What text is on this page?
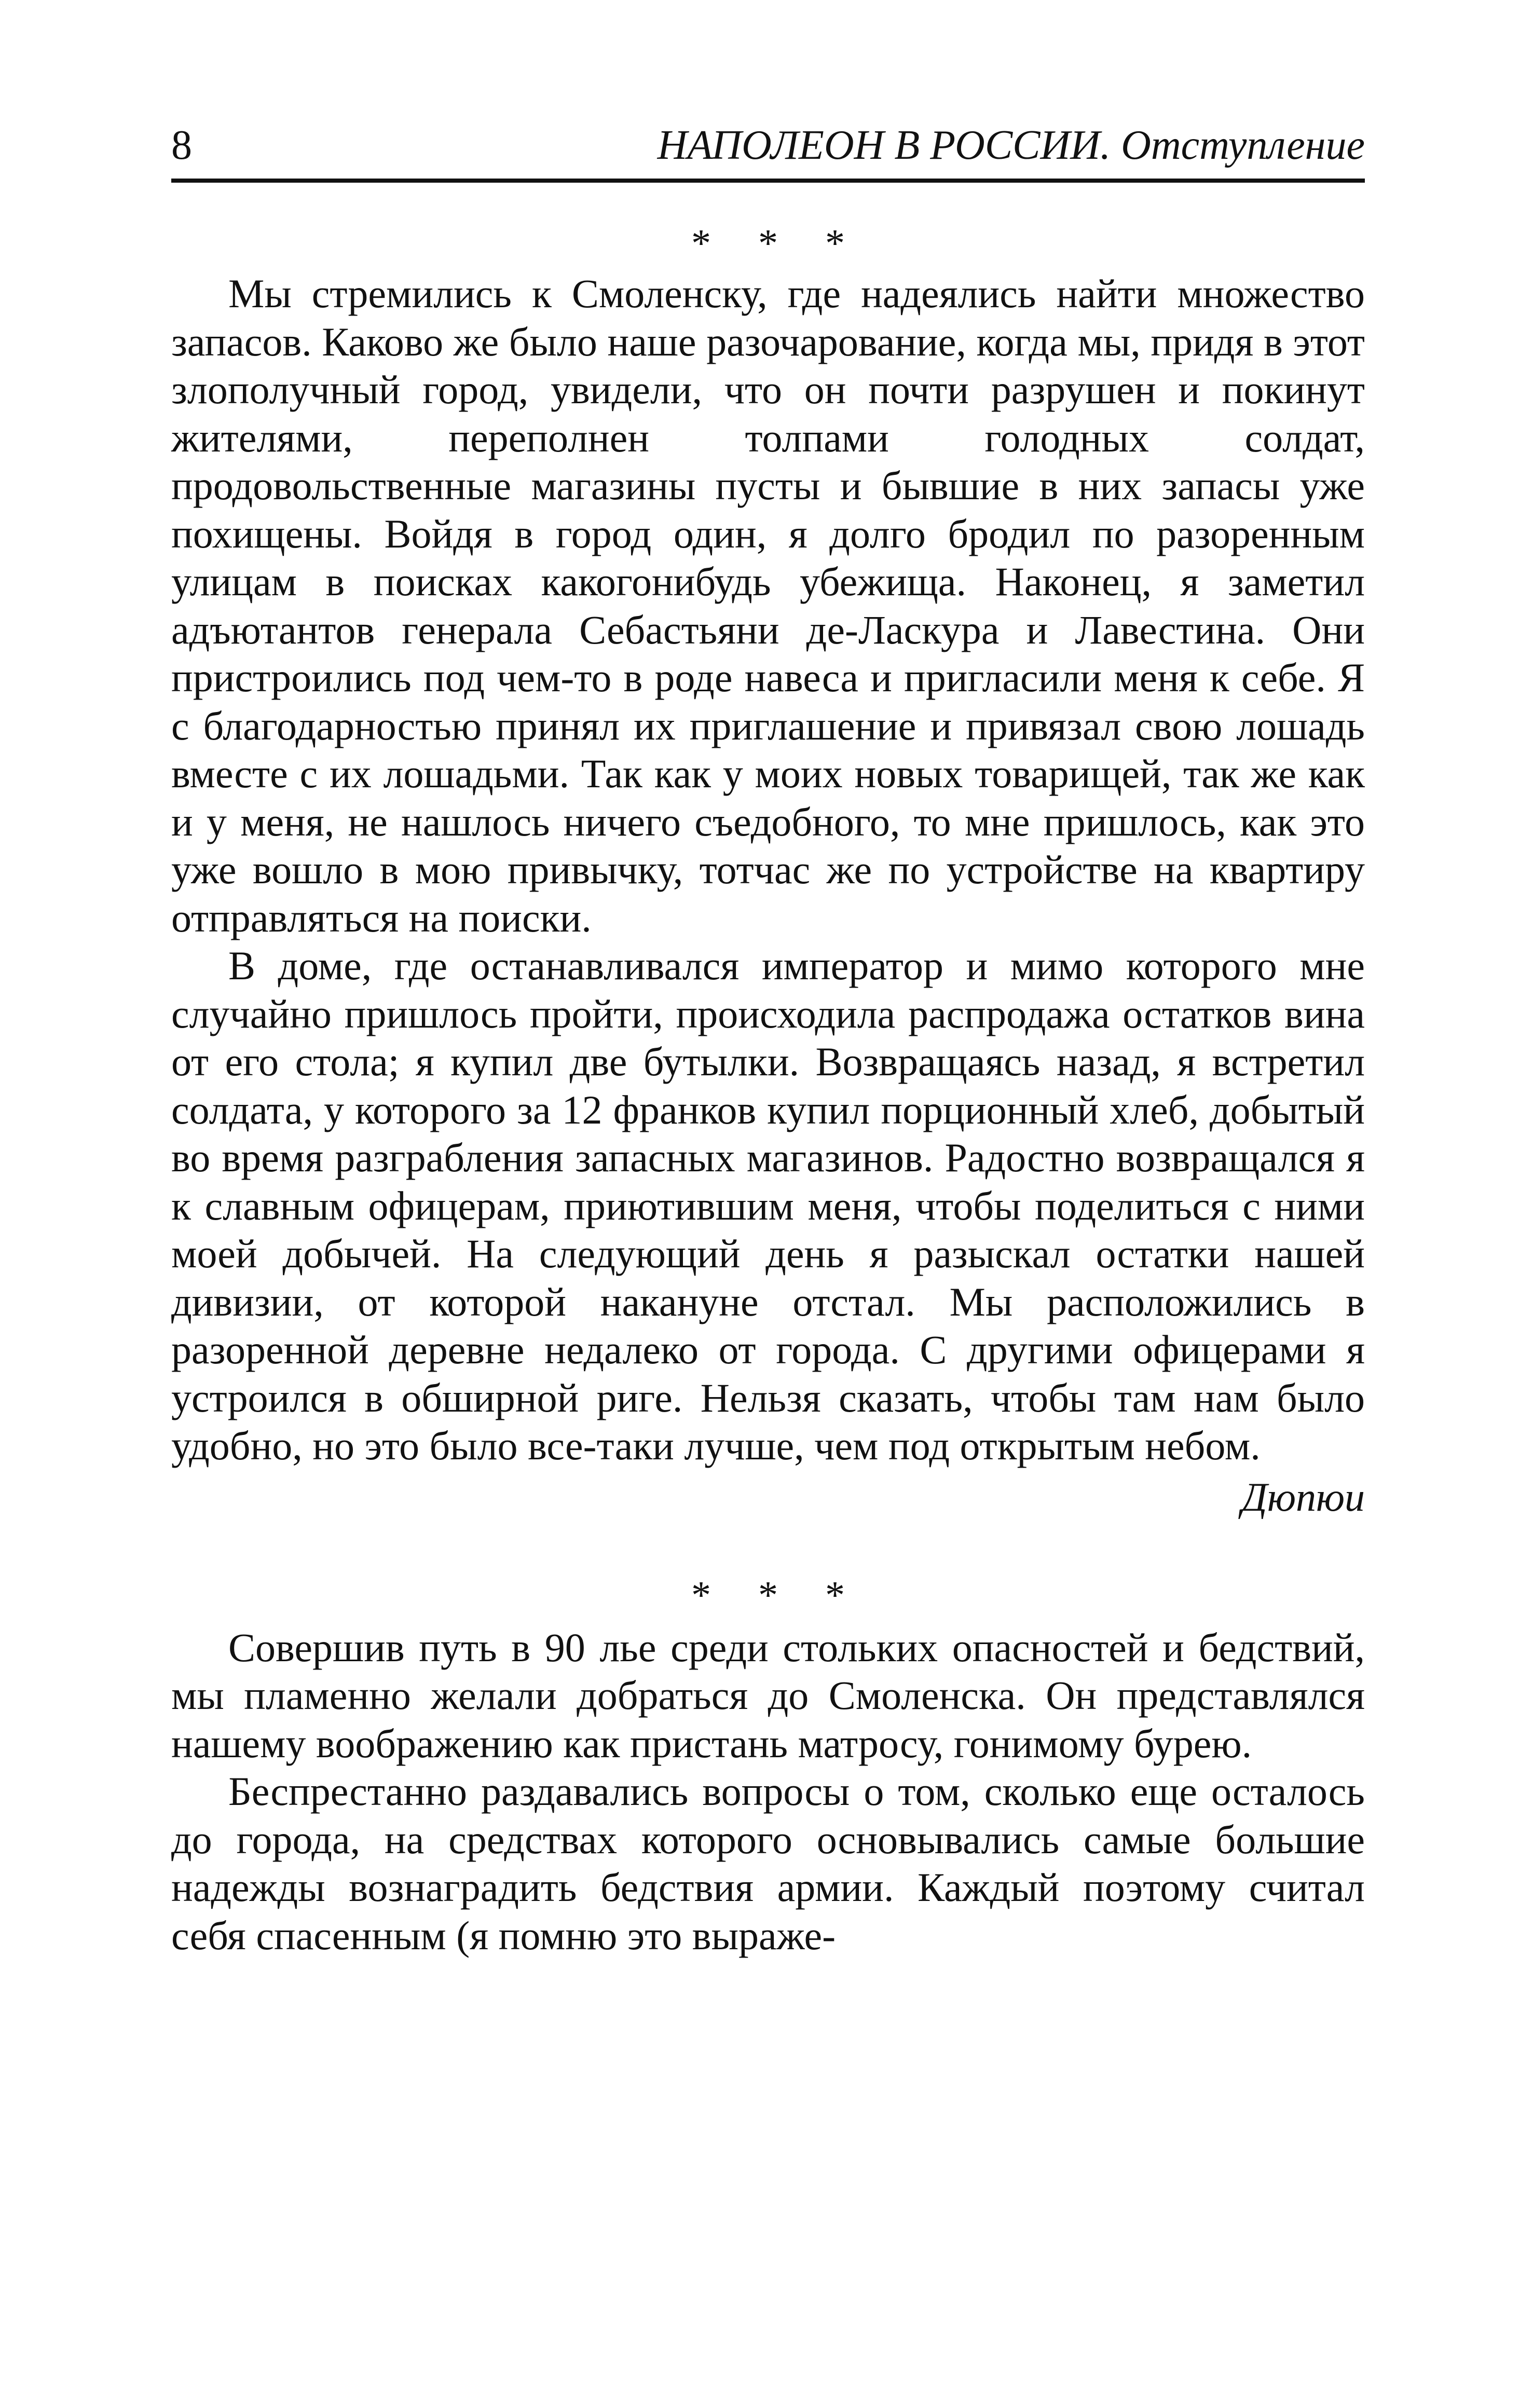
8	НАПОЛЕОН В РОССИИ. Отступление
* * *

Мы стремились к Смоленску, где надеялись найти множество запасов. Каково же было наше разочарование, когда мы, придя в этот злополучный город, увидели, что он почти разрушен и покинут жителями, переполнен толпами голодных солдат, продовольственные магазины пусты и бывшие в них запасы уже похищены. Войдя в город один, я долго бродил по разоренным улицам в поисках какогонибудь убежища. Наконец, я заметил адъютантов генерала Себастьяни де-Ласкура и Лавестина. Они пристроились под чем-то в роде навеса и пригласили меня к себе. Я с благодарностью принял их приглашение и привязал свою лошадь вместе с их лошадьми. Так как у моих новых товарищей, так же как и у меня, не нашлось ничего съедобного, то мне пришлось, как это уже вошло в мою привычку, тотчас же по устройстве на квартиру отправляться на поиски.

В доме, где останавливался император и мимо которого мне случайно пришлось пройти, происходила распродажа остатков вина от его стола; я купил две бутылки. Возвращаясь назад, я встретил солдата, у которого за 12 франков купил порционный хлеб, добытый во время разграбления запасных магазинов. Радостно возвращался я к славным офицерам, приютившим меня, чтобы поделиться с ними моей добычей. На следующий день я разыскал остатки нашей дивизии, от которой накануне отстал. Мы расположились в разоренной деревне недалеко от города. С другими офицерами я устроился в обширной риге. Нельзя сказать, чтобы там нам было удобно, но это было все-таки лучше, чем под открытым небом.

Дюпюи
* * *

Совершив путь в 90 лье среди стольких опасностей и бедствий, мы пламенно желали добраться до Смоленска. Он представлялся нашему воображению как пристань матросу, гонимому бурею.

Беспрестанно раздавались вопросы о том, сколько еще осталось до города, на средствах которого основывались самые большие надежды вознаградить бедствия армии. Каждый поэтому считал себя спасенным (я помню это выраже-
